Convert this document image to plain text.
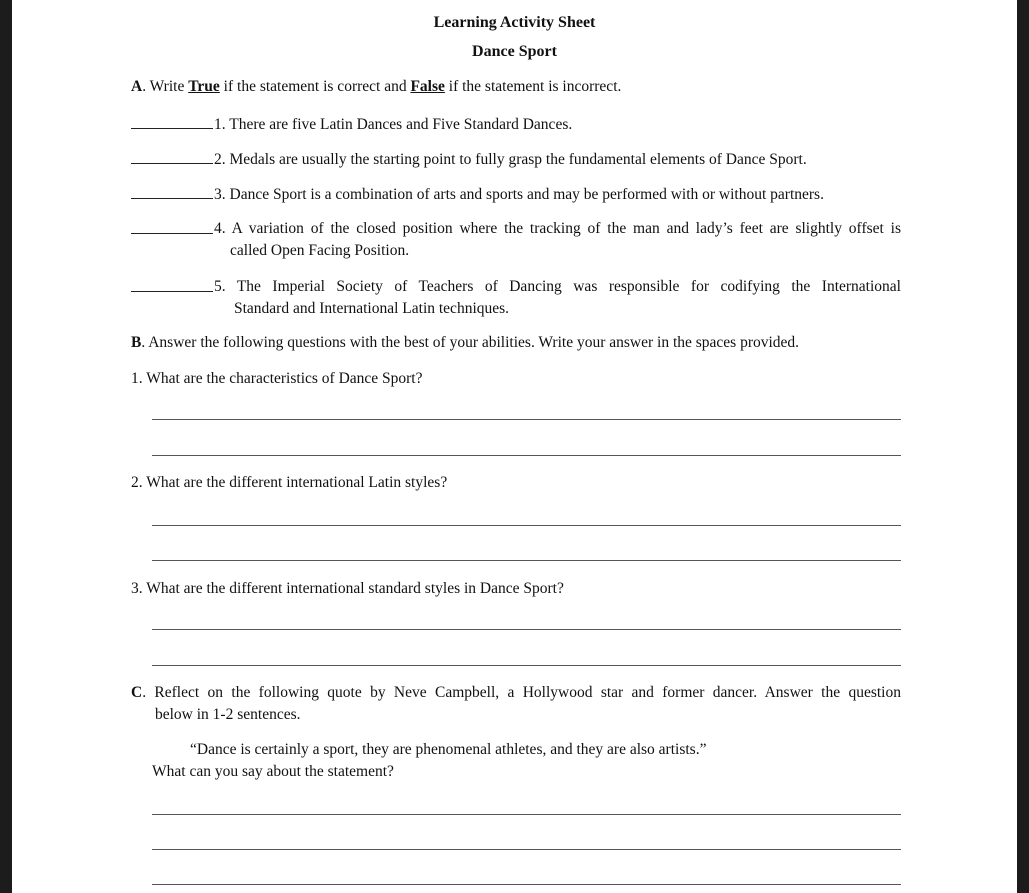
Learning Activity Sheet
Dance Sport
A. Write True if the statement is correct and False if the statement is incorrect.
1. There are five Latin Dances and Five Standard Dances.
2. Medals are usually the starting point to fully grasp the fundamental elements of Dance Sport.
3. Dance Sport is a combination of arts and sports and may be performed with or without partners.
4. A variation of the closed position where the tracking of the man and lady’s feet are slightly offset is
called Open Facing Position.
5. The Imperial Society of Teachers of Dancing was responsible for codifying the International
Standard and International Latin techniques.
B. Answer the following questions with the best of your abilities. Write your answer in the spaces provided.
1. What are the characteristics of Dance Sport?
2. What are the different international Latin styles?
3. What are the different international standard styles in Dance Sport?
C. Reflect on the following quote by Neve Campbell, a Hollywood star and former dancer. Answer the question
below in 1-2 sentences.
“Dance is certainly a sport, they are phenomenal athletes, and they are also artists.”
What can you say about the statement?
